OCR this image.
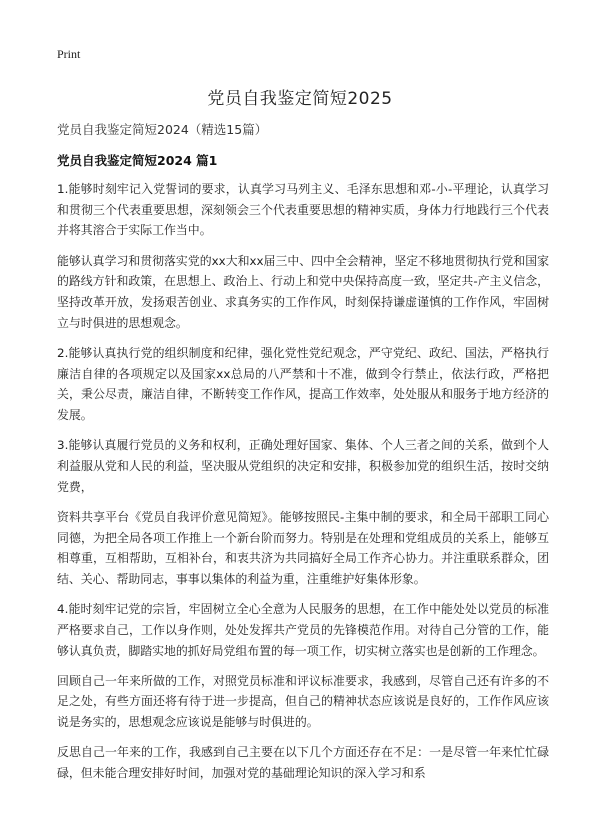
Print
党员自我鉴定简短2025
党员自我鉴定简短2024（精选15篇）
党员自我鉴定简短2024 篇1

1.能够时刻牢记入党誓词的要求，认真学习马列主义、毛泽东思想和邓-小-平理论，认真学习和贯彻三个代表重要思想，深刻领会三个代表重要思想的精神实质，身体力行地践行三个代表并将其溶合于实际工作当中。

能够认真学习和贯彻落实党的xx大和xx届三中、四中全会精神，坚定不移地贯彻执行党和国家的路线方针和政策，在思想上、政治上、行动上和党中央保持高度一致，坚定共-产主义信念，坚持改革开放，发扬艰苦创业、求真务实的工作作风，时刻保持谦虚谨慎的工作作风，牢固树立与时俱进的思想观念。

2.能够认真执行党的组织制度和纪律，强化党性党纪观念，严守党纪、政纪、国法，严格执行廉洁自律的各项规定以及国家xx总局的八严禁和十不准，做到令行禁止，依法行政，严格把关，秉公尽责，廉洁自律，不断转变工作作风，提高工作效率，处处服从和服务于地方经济的发展。

3.能够认真履行党员的义务和权利，正确处理好国家、集体、个人三者之间的关系，做到个人利益服从党和人民的利益，坚决服从党组织的决定和安排，积极参加党的组织生活，按时交纳党费，

资料共享平台《党员自我评价意见简短》。能够按照民-主集中制的要求，和全局干部职工同心同德，为把全局各项工作推上一个新台阶而努力。特别是在处理和党组成员的关系上，能够互相尊重，互相帮助，互相补台，和衷共济为共同搞好全局工作齐心协力。并注重联系群众，团结、关心、帮助同志，事事以集体的利益为重，注重维护好集体形象。

4.能时刻牢记党的宗旨，牢固树立全心全意为人民服务的思想，在工作中能处处以党员的标准严格要求自己，工作以身作则，处处发挥共产党员的先锋模范作用。对待自己分管的工作，能够认真负责，脚踏实地的抓好局党组布置的每一项工作，切实树立落实也是创新的工作理念。

回顾自己一年来所做的工作，对照党员标准和评议标准要求，我感到，尽管自己还有许多的不足之处，有些方面还将有待于进一步提高，但自己的精神状态应该说是良好的，工作作风应该说是务实的，思想观念应该说是能够与时俱进的。

反思自己一年来的工作，我感到自己主要在以下几个方面还存在不足：一是尽管一年来忙忙碌碌，但未能合理安排好时间，加强对党的基础理论知识的深入学习和系
